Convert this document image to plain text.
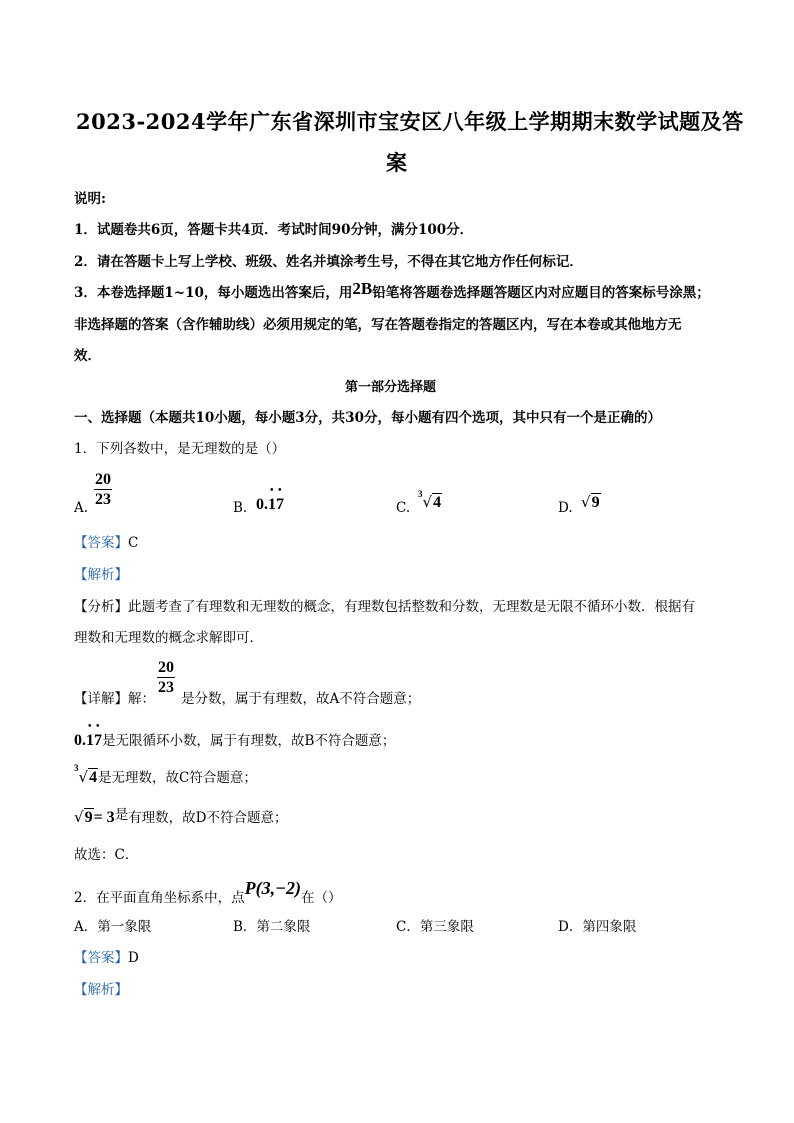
2023-2024学年广东省深圳市宝安区八年级上学期期末数学试题及答
案
说明:
1．试题卷共6页，答题卡共4页．考试时间90分钟，满分100分．
2．请在答题卡上写上学校、班级、姓名并填涂考生号，不得在其它地方作任何标记．
3．本卷选择题1~10，每小题选出答案后，用2B铅笔将答题卷选择题答题区内对应题目的答案标号涂黑；
非选择题的答案（含作辅助线）必须用规定的笔，写在答题卷指定的答题区内，写在本卷或其他地方无
效．
第一部分选择题
一、选择题（本题共10小题，每小题3分，共30分，每小题有四个选项，其中只有一个是正确的）
1．下列各数中，是无理数的是（）
A. $\frac{20}{23}$	B. 0.17
• •
C.
$^3$√4	D. √9
【答案】C
【解析】
【分析】此题考查了有理数和无理数的概念，有理数包括整数和分数，无理数是无限不循环小数．根据有
理数和无理数的概念求解即可．
$\frac{20}{23}$
【详解】解： 是分数，属于有理数，故A不符合题意；
0.17
• •
是无限循环小数，属于有理数，故B不符合题意；
$^3$√4是无理数，故C符合题意；
√9= 3是有理数，故D不符合题意；
故选：C．
$_{2.在平面直角坐标系中,点}P(3,-2)_{在()}$
A．第一象限	B．第二象限	C．第三象限	D．第四象限
【答案】D
【解析】
